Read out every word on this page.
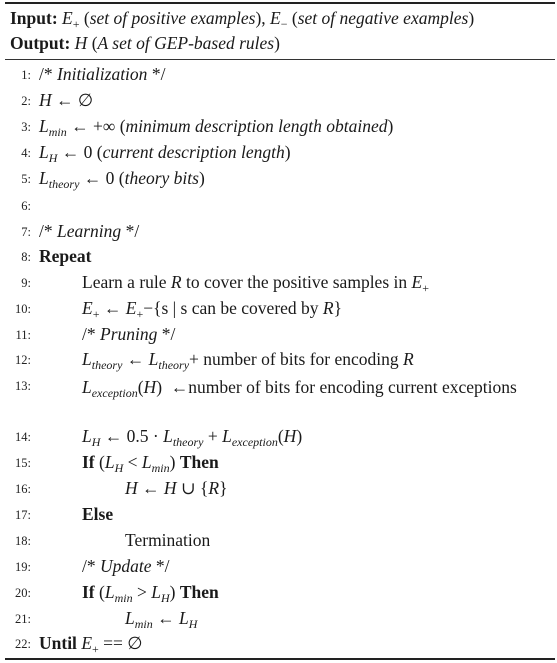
Input: $E_+$ (set of positive examples), $E_-$ (set of negative examples)
Output: H (A set of GEP-based rules)
1: /* Initialization */
2: H ← ∅
3: $L_{min}$ ← +∞ (minimum description length obtained)
4: $L_H$ ← 0 (current description length)
5: $L_{theory}$ ← 0 (theory bits)
6:
7: /* Learning */
8: Repeat
9:	Learn a rule R to cover the positive samples in $E_+$
10:	$E_+$ ← $E_+-\{s$ | s can be covered by R}
11:	/* Pruning */
12:	$L_{theory}$ ← $L_{theory}+$ number of bits for encoding R
13:	$L_{exception}(H)$  ←number of bits for encoding current exceptions
14:	$L_H$ ← $0.5 \cdot L_{theory} + L_{exception}(H)$
15:	If $(L_H < L_{min})$ Then
16:	H ← H ∪ {R}
17:	Else
18:	Termination
19:	/* Update */
20:	If $(L_{min} > L_H)$ Then
21:	$L_{min}$ ← $L_H$
22: Until $E_+$ == ∅
